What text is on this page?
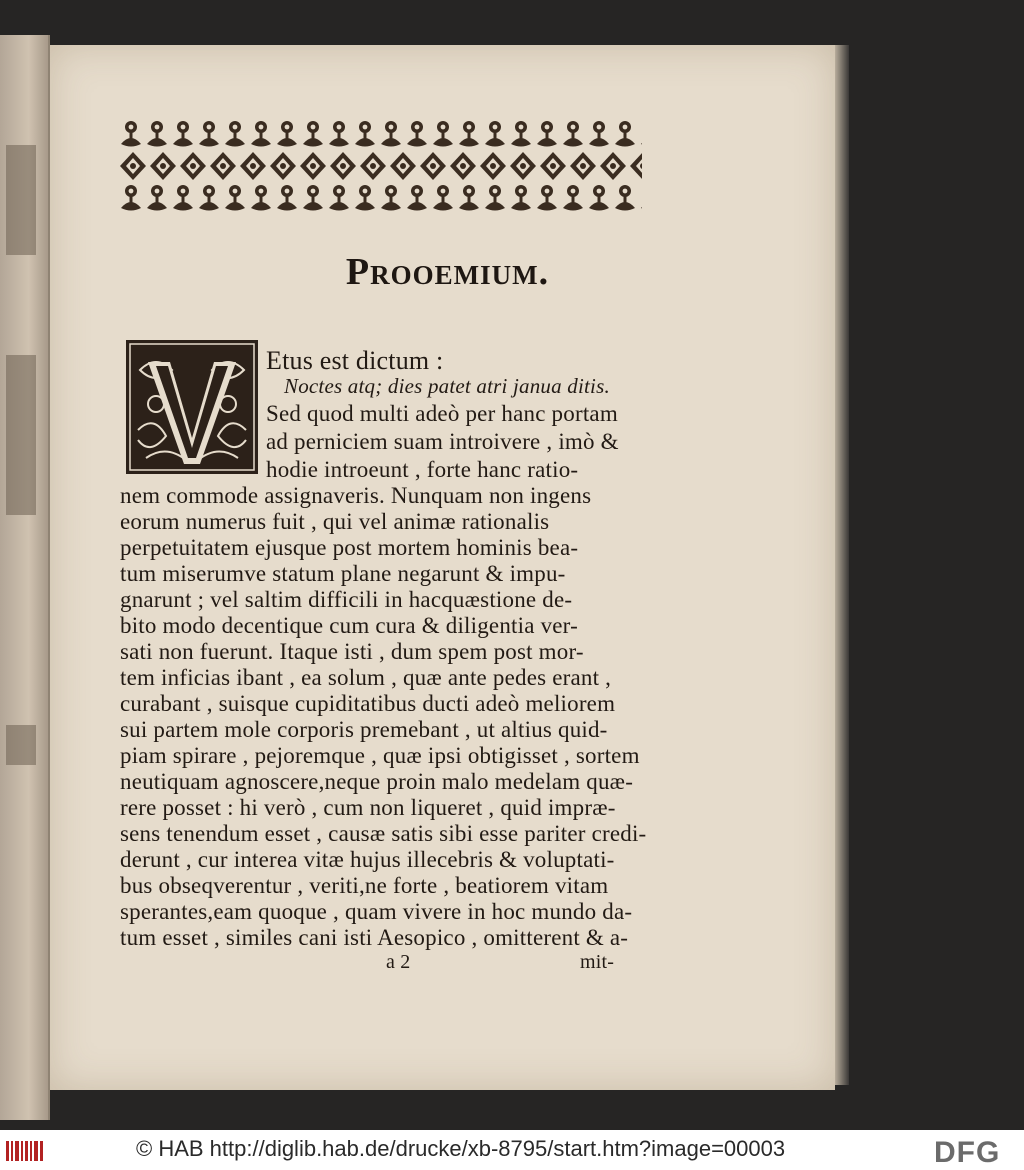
Prooemium.
Etus est dictum :
Noctes atq; dies patet atri janua ditis.
Sed quod multi adeò per hanc portam
ad perniciem suam introivere , imò &
hodie introeunt , forte hanc ratio-
nem commode assignaveris. Nunquam non ingens
eorum numerus fuit , qui vel animæ rationalis
perpetuitatem ejusque post mortem hominis bea-
tum miserumve statum plane negarunt & impu-
gnarunt ; vel saltim difficili in hacquæstione de-
bito modo decentique cum cura & diligentia ver-
sati non fuerunt. Itaque isti , dum spem post mor-
tem inficias ibant , ea solum , quæ ante pedes erant ,
curabant , suisque cupiditatibus ducti adeò meliorem
sui partem mole corporis premebant , ut altius quid-
piam spirare , pejoremque , quæ ipsi obtigisset , sortem
neutiquam agnoscere,neque proin malo medelam quæ-
rere posset : hi verò , cum non liqueret , quid impræ-
sens tenendum esset , causæ satis sibi esse pariter credi-
derunt , cur interea vitæ hujus illecebris & voluptati-
bus obseqverentur , veriti,ne forte , beatiorem vitam
sperantes,eam quoque , quam vivere in hoc mundo da-
tum esset , similes cani isti Aesopico , omitterent & a-
a 2	mit-
© HAB http://diglib.hab.de/drucke/xb-8795/start.htm?image=00003	DFG
